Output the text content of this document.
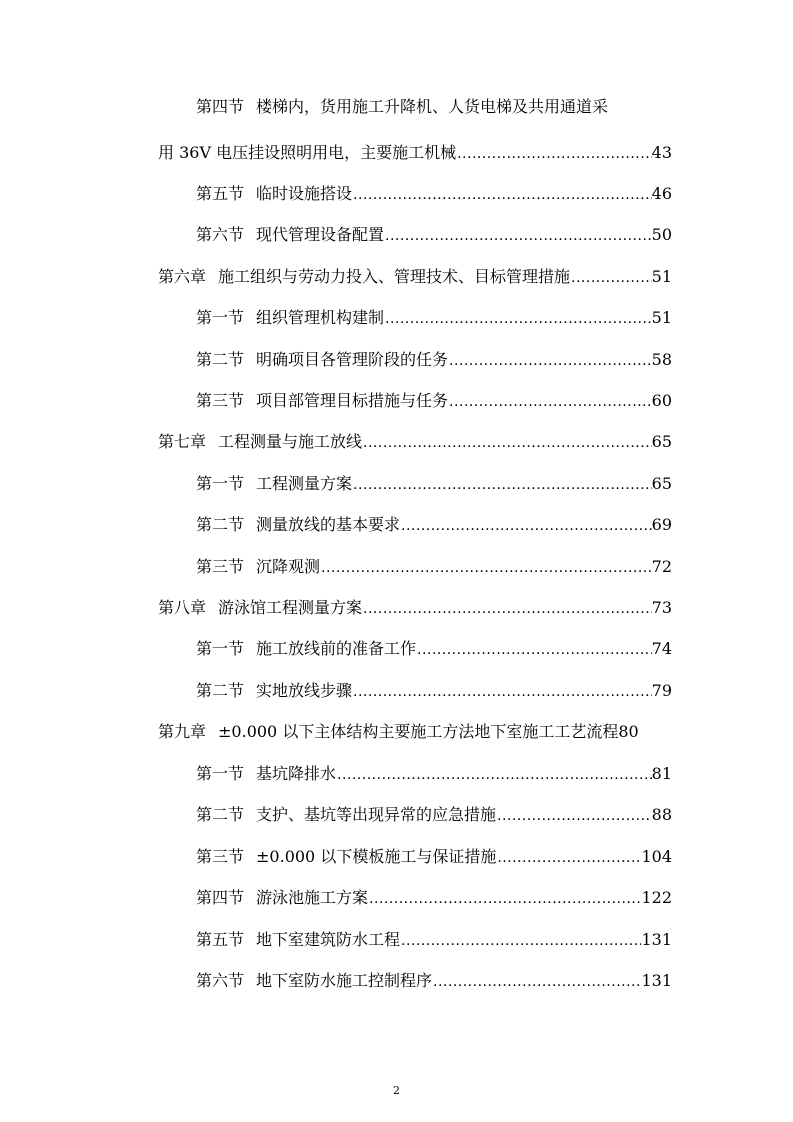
第四节 楼梯内，货用施工升降机、人货电梯及共用通道采
用 36V 电压挂设照明用电，主要施工机械 .....	43
第五节 临时设施搭设 .....	46
第六节 现代管理设备配置 .....	50
第六章 施工组织与劳动力投入、管理技术、目标管理措施 .....	51
第一节 组织管理机构建制 .....	51
第二节 明确项目各管理阶段的任务 .....	58
第三节 项目部管理目标措施与任务 .....	60
第七章 工程测量与施工放线 .....	65
第一节 工程测量方案 .....	65
第二节 测量放线的基本要求 .....	69
第三节 沉降观测 .....	72
第八章 游泳馆工程测量方案 .....	73
第一节 施工放线前的准备工作 .....	74
第二节 实地放线步骤 .....	79
第九章 ±0.000 以下主体结构主要施工方法地下室施工工艺流程80
第一节 基坑降排水 .....	81
第二节 支护、基坑等出现异常的应急措施 .....	88
第三节 ±0.000 以下模板施工与保证措施 .....	104
第四节 游泳池施工方案 .....	122
第五节 地下室建筑防水工程 .....	131
第六节 地下室防水施工控制程序 .....	131
2
